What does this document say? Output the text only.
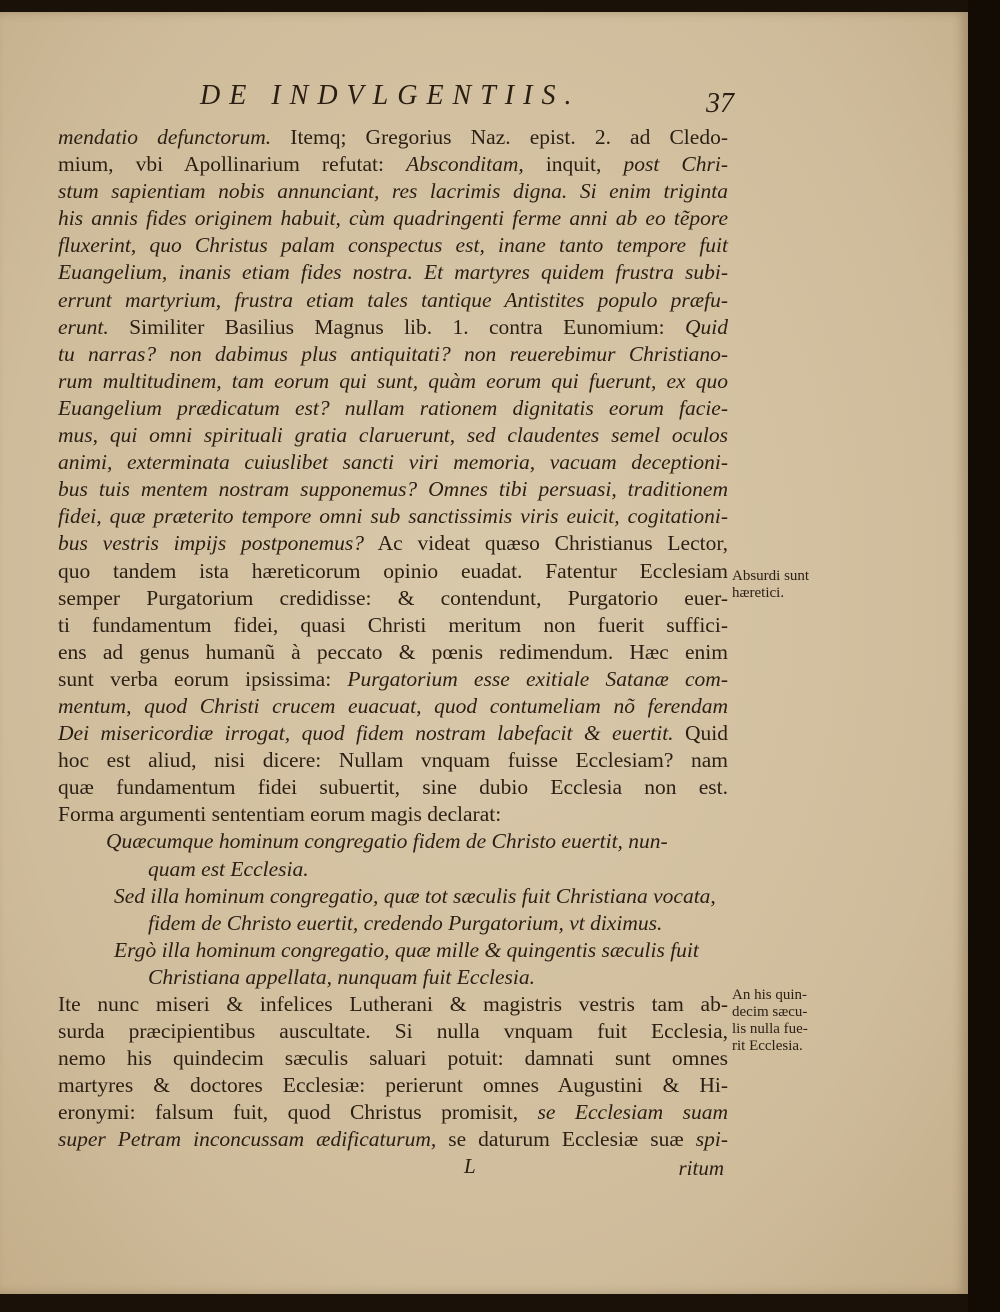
DE INDVLGENTIIS.	37
mendatio defunctorum. Itemq; Gregorius Naz. epist. 2. ad Cledo-
mium, vbi Apollinarium refutat: Absconditam, inquit, post Chri-
stum sapientiam nobis annunciant, res lacrimis digna. Si enim triginta
his annis fides originem habuit, cùm quadringenti ferme anni ab eo tẽpore
fluxerint, quo Christus palam conspectus est, inane tanto tempore fuit
Euangelium, inanis etiam fides nostra. Et martyres quidem frustra subi-
errunt martyrium, frustra etiam tales tantique Antistites populo præfu-
erunt. Similiter Basilius Magnus lib. 1. contra Eunomium: Quid
tu narras? non dabimus plus antiquitati? non reuerebimur Christiano-
rum multitudinem, tam eorum qui sunt, quàm eorum qui fuerunt, ex quo
Euangelium prædicatum est? nullam rationem dignitatis eorum facie-
mus, qui omni spirituali gratia claruerunt, sed claudentes semel oculos
animi, exterminata cuiuslibet sancti viri memoria, vacuam deceptioni-
bus tuis mentem nostram supponemus? Omnes tibi persuasi, traditionem
fidei, quæ præterito tempore omni sub sanctissimis viris euicit, cogitationi-
bus vestris impijs postponemus? Ac videat quæso Christianus Lector,
quo tandem ista hæreticorum opinio euadat. Fatentur Ecclesiam
semper Purgatorium credidisse: & contendunt, Purgatorio euer-
ti fundamentum fidei, quasi Christi meritum non fuerit suffici-
ens ad genus humanũ à peccato & pœnis redimendum. Hæc enim
sunt verba eorum ipsissima: Purgatorium esse exitiale Satanæ com-
mentum, quod Christi crucem euacuat, quod contumeliam nõ ferendam
Dei misericordiæ irrogat, quod fidem nostram labefacit & euertit. Quid
hoc est aliud, nisi dicere: Nullam vnquam fuisse Ecclesiam? nam
quæ fundamentum fidei subuertit, sine dubio Ecclesia non est.
Forma argumenti sententiam eorum magis declarat:
Quæcumque hominum congregatio fidem de Christo euertit, nun-
quam est Ecclesia.
Sed illa hominum congregatio, quæ tot sæculis fuit Christiana vocata,
fidem de Christo euertit, credendo Purgatorium, vt diximus.
Ergò illa hominum congregatio, quæ mille & quingentis sæculis fuit
Christiana appellata, nunquam fuit Ecclesia.
Ite nunc miseri & infelices Lutherani & magistris vestris tam ab-
surda præcipientibus auscultate. Si nulla vnquam fuit Ecclesia,
nemo his quindecim sæculis saluari potuit: damnati sunt omnes
martyres & doctores Ecclesiæ: perierunt omnes Augustini & Hi-
eronymi: falsum fuit, quod Christus promisit, se Ecclesiam suam
super Petram inconcussam ædificaturum, se daturum Ecclesiæ suæ spi-
Absurdi sunt
hæretici.
An his quin-
decim sæcu-
lis nulla fue-
rit Ecclesia.
L	ritum
